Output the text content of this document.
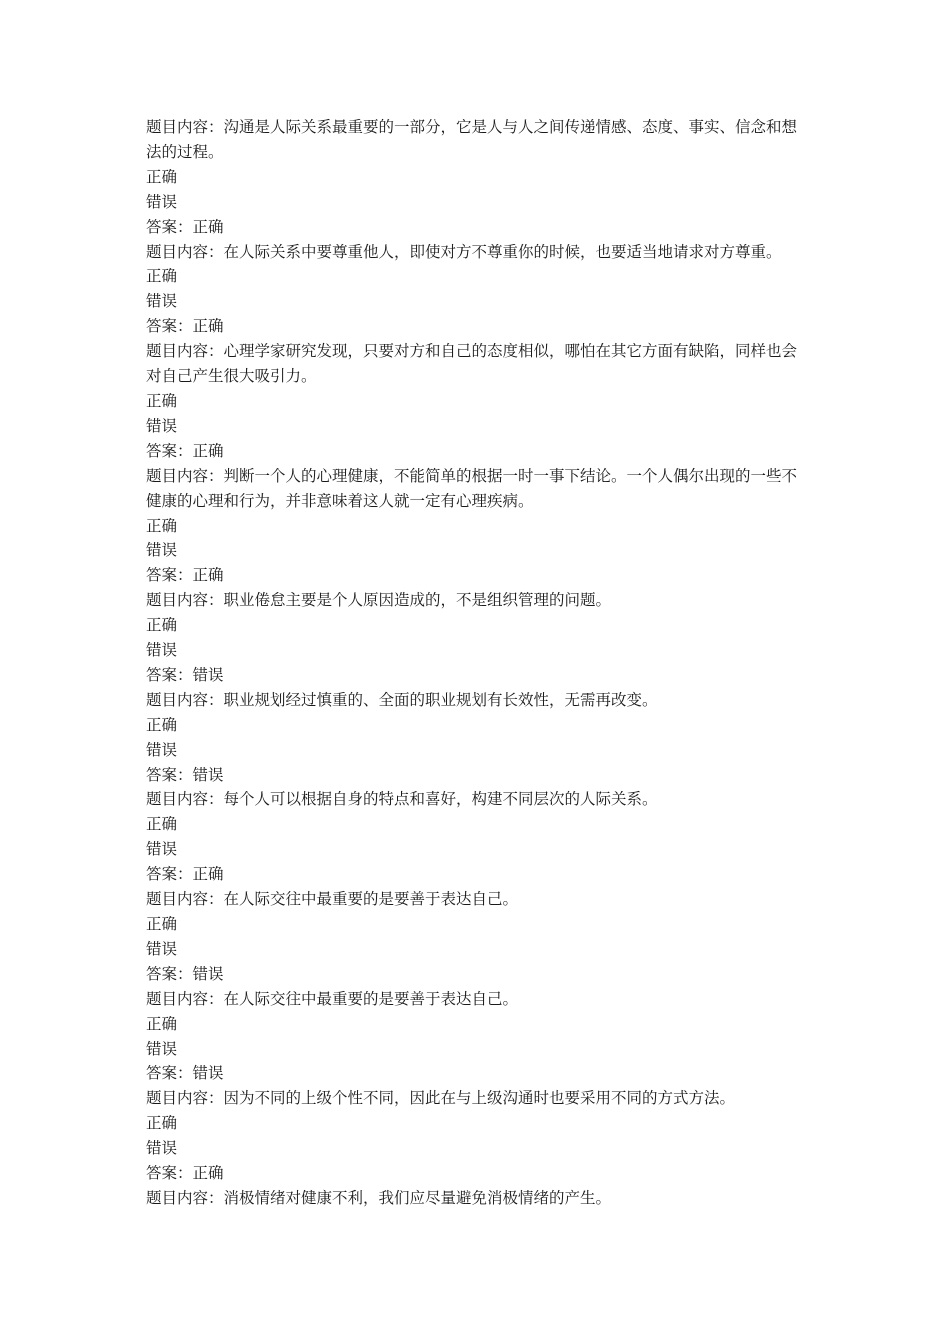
题目内容：沟通是人际关系最重要的一部分，它是人与人之间传递情感、态度、事实、信念和想法的过程。

正确

错误

答案：正确

题目内容：在人际关系中要尊重他人，即使对方不尊重你的时候，也要适当地请求对方尊重。

正确

错误

答案：正确

题目内容：心理学家研究发现，只要对方和自己的态度相似，哪怕在其它方面有缺陷，同样也会对自己产生很大吸引力。

正确

错误

答案：正确

题目内容：判断一个人的心理健康，不能简单的根据一时一事下结论。一个人偶尔出现的一些不健康的心理和行为，并非意味着这人就一定有心理疾病。

正确

错误

答案：正确

题目内容：职业倦怠主要是个人原因造成的，不是组织管理的问题。

正确

错误

答案：错误

题目内容：职业规划经过慎重的、全面的职业规划有长效性，无需再改变。

正确

错误

答案：错误

题目内容：每个人可以根据自身的特点和喜好，构建不同层次的人际关系。

正确

错误

答案：正确

题目内容：在人际交往中最重要的是要善于表达自己。

正确

错误

答案：错误

题目内容：在人际交往中最重要的是要善于表达自己。

正确

错误

答案：错误

题目内容：因为不同的上级个性不同，因此在与上级沟通时也要采用不同的方式方法。

正确

错误

答案：正确

题目内容：消极情绪对健康不利，我们应尽量避免消极情绪的产生。
